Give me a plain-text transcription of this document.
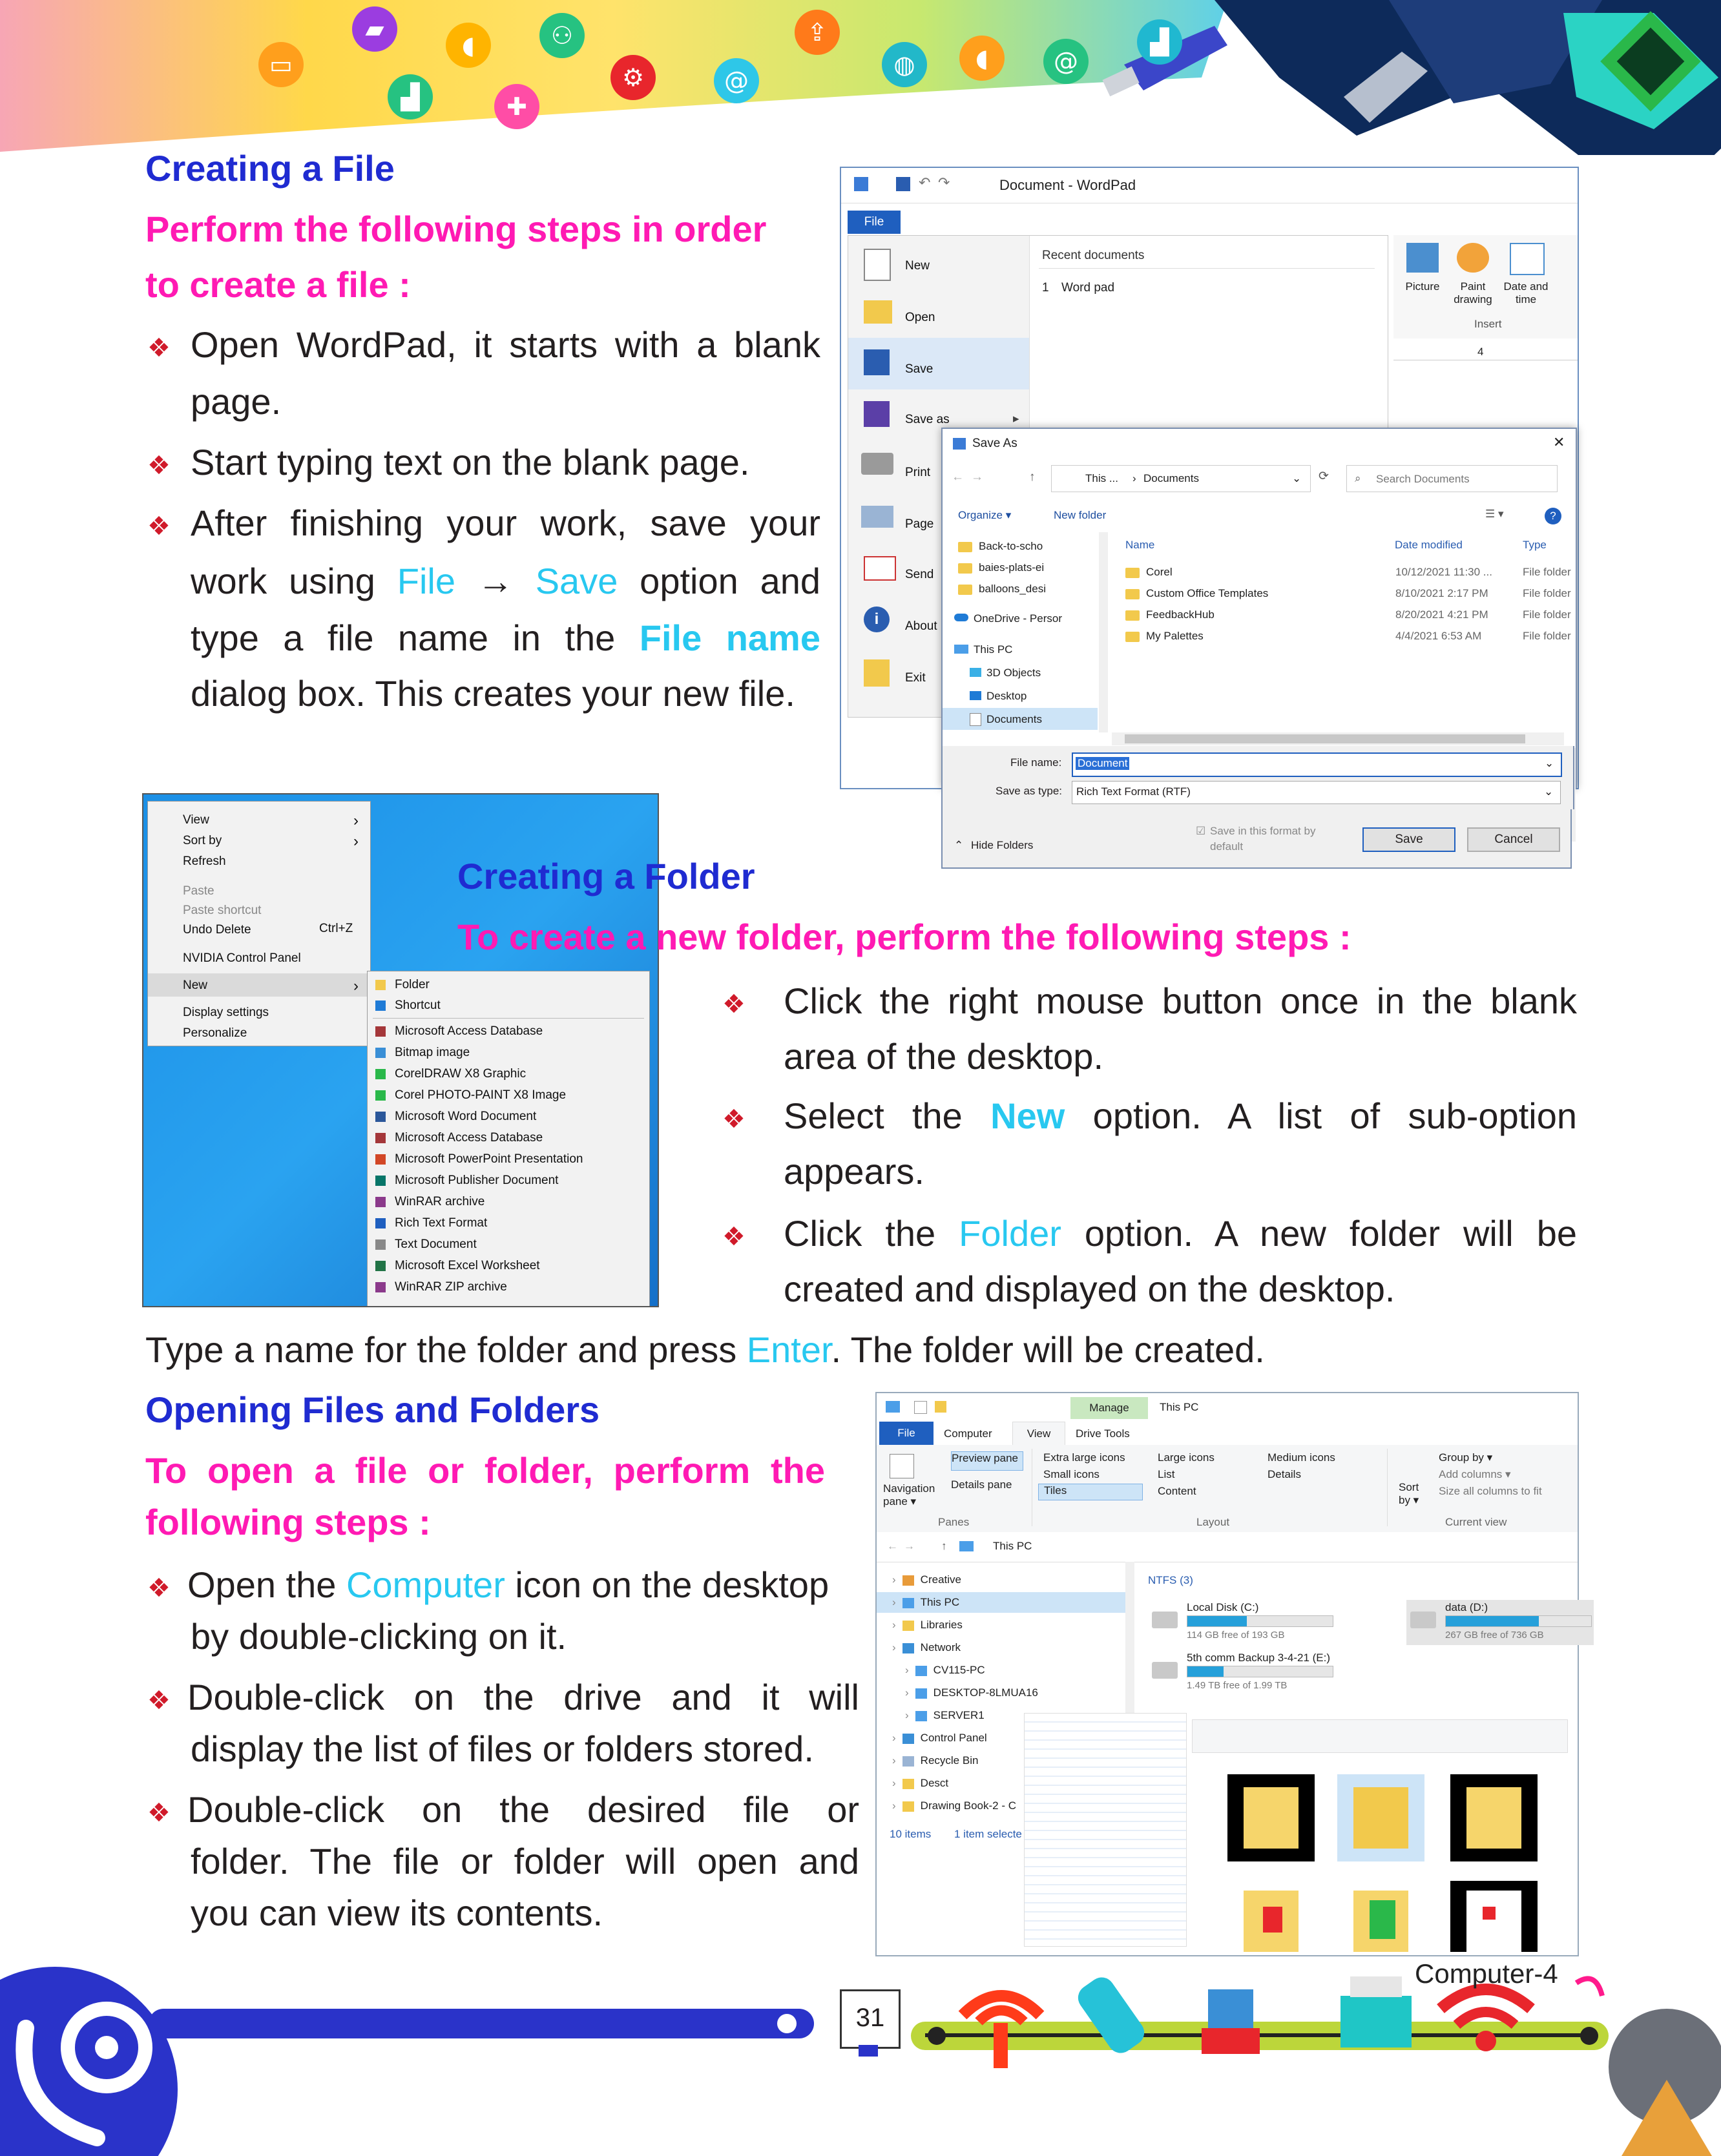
▭
▰
◖	⚇
▟	✚
⚙
⇪
@
◍	◖	@
▟
Creating a File
Perform the following steps in order
to create a file :
❖ Open WordPad, it starts with a blank
page.
❖ Start typing text on the blank page.
❖ After finishing your work, save your
work using File → Save option and
type a file name in the File name
dialog box. This creates your new file.
↶ ↷	Document - WordPad
File
New
Open
Save
Save as	▸
Print
Page
Send
i	About
Exit
Recent documents
1 Word pad	Picture	Paint drawing
Date and time
Insert
4
Save As	✕
← →	↑	This ... › Documents	⌄ ⟳ ⌕ Search Documents
Organize ▾	New folder	☰ ▾	?
Back-to-scho
baies-plats-ei
balloons_desi
OneDrive - Persor
This PC
3D Objects
Desktop
Documents
Name	Date modified	Type
Corel	10/12/2021 11:30 ...	File folder
Custom Office Templates	8/10/2021 2:17 PM	File folder
FeedbackHub	8/20/2021 4:21 PM	File folder
My Palettes	4/4/2021 6:53 AM	File folder
File name: Document	⌄
Save as type: Rich Text Format (RTF)	⌄
⌃ Hide Folders
☑ Save in this format by
default
Save	Cancel
View
Sort by
Refresh
Paste
Paste shortcut
Undo Delete
NVIDIA Control Panel
New
Display settings
Personalize
›
›
›
Ctrl+Z
Folder
Shortcut
Microsoft Access Database
Bitmap image
CorelDRAW X8 Graphic
Corel PHOTO-PAINT X8 Image
Microsoft Word Document
Microsoft Access Database
Microsoft PowerPoint Presentation
Microsoft Publisher Document
WinRAR archive
Rich Text Format
Text Document
Microsoft Excel Worksheet
WinRAR ZIP archive
Creating a Folder
To create a new folder, perform the following steps :
❖ Click the right mouse button once in the blank
area of the desktop.
❖ Select the New option. A list of sub-option
appears.
❖ Click the Folder option. A new folder will be
created and displayed on the desktop.
Type a name for the folder and press Enter. The folder will be created.
Opening Files and Folders
To open a file or folder, perform the
following steps :
❖ Open the Computer icon on the desktop
by double-clicking on it.
❖ Double-click on the drive and it will
display the list of files or folders stored.
❖ Double-click on the desired file or
folder. The file or folder will open and
you can view its contents.
Manage	This PC
File	Computer	View	Drive Tools
Navigation pane ▾
Preview pane
Details pane
Panes
Extra large icons	Large icons	Medium icons
Small icons	List	Details
Tiles	Content
Layout
Sort by ▾
Group by ▾
Add columns ▾
Size all columns to fit
Current view
← → ↑	This PC
› Creative
› This PC
› Libraries
› Network
› CV115-PC
› DESKTOP-8LMUA16
› SERVER1
› Control Panel
› Recycle Bin
› Desct
› Drawing Book-2 - C
10 items 1 item selecte
NTFS (3)
Local Disk (C:)
114 GB free of 193 GB
data (D:)
267 GB free of 736 GB
5th comm Backup 3-4-21 (E:)
1.49 TB free of 1.99 TB
31
Computer-4
